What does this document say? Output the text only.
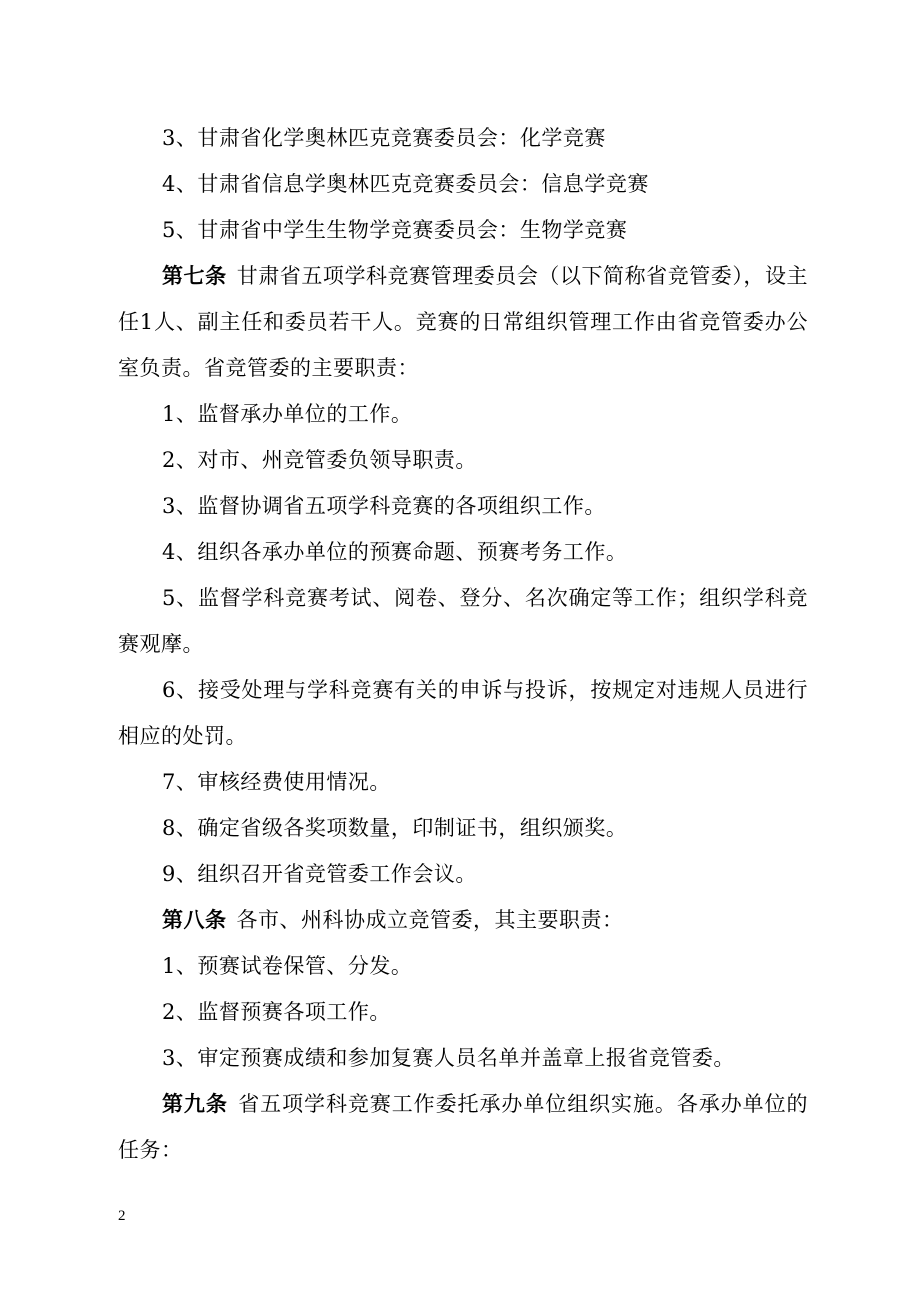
3、甘肃省化学奥林匹克竞赛委员会：化学竞赛
4、甘肃省信息学奥林匹克竞赛委员会：信息学竞赛
5、甘肃省中学生生物学竞赛委员会：生物学竞赛
第七条 甘肃省五项学科竞赛管理委员会（以下简称省竞管委），设主任1人、副主任和委员若干人。竞赛的日常组织管理工作由省竞管委办公室负责。省竞管委的主要职责：
1、监督承办单位的工作。
2、对市、州竞管委负领导职责。
3、监督协调省五项学科竞赛的各项组织工作。
4、组织各承办单位的预赛命题、预赛考务工作。
5、监督学科竞赛考试、阅卷、登分、名次确定等工作；组织学科竞赛观摩。
6、接受处理与学科竞赛有关的申诉与投诉，按规定对违规人员进行相应的处罚。
7、审核经费使用情况。
8、确定省级各奖项数量，印制证书，组织颁奖。
9、组织召开省竞管委工作会议。
第八条 各市、州科协成立竞管委，其主要职责：
1、预赛试卷保管、分发。
2、监督预赛各项工作。
3、审定预赛成绩和参加复赛人员名单并盖章上报省竞管委。
第九条 省五项学科竞赛工作委托承办单位组织实施。各承办单位的任务：
2
